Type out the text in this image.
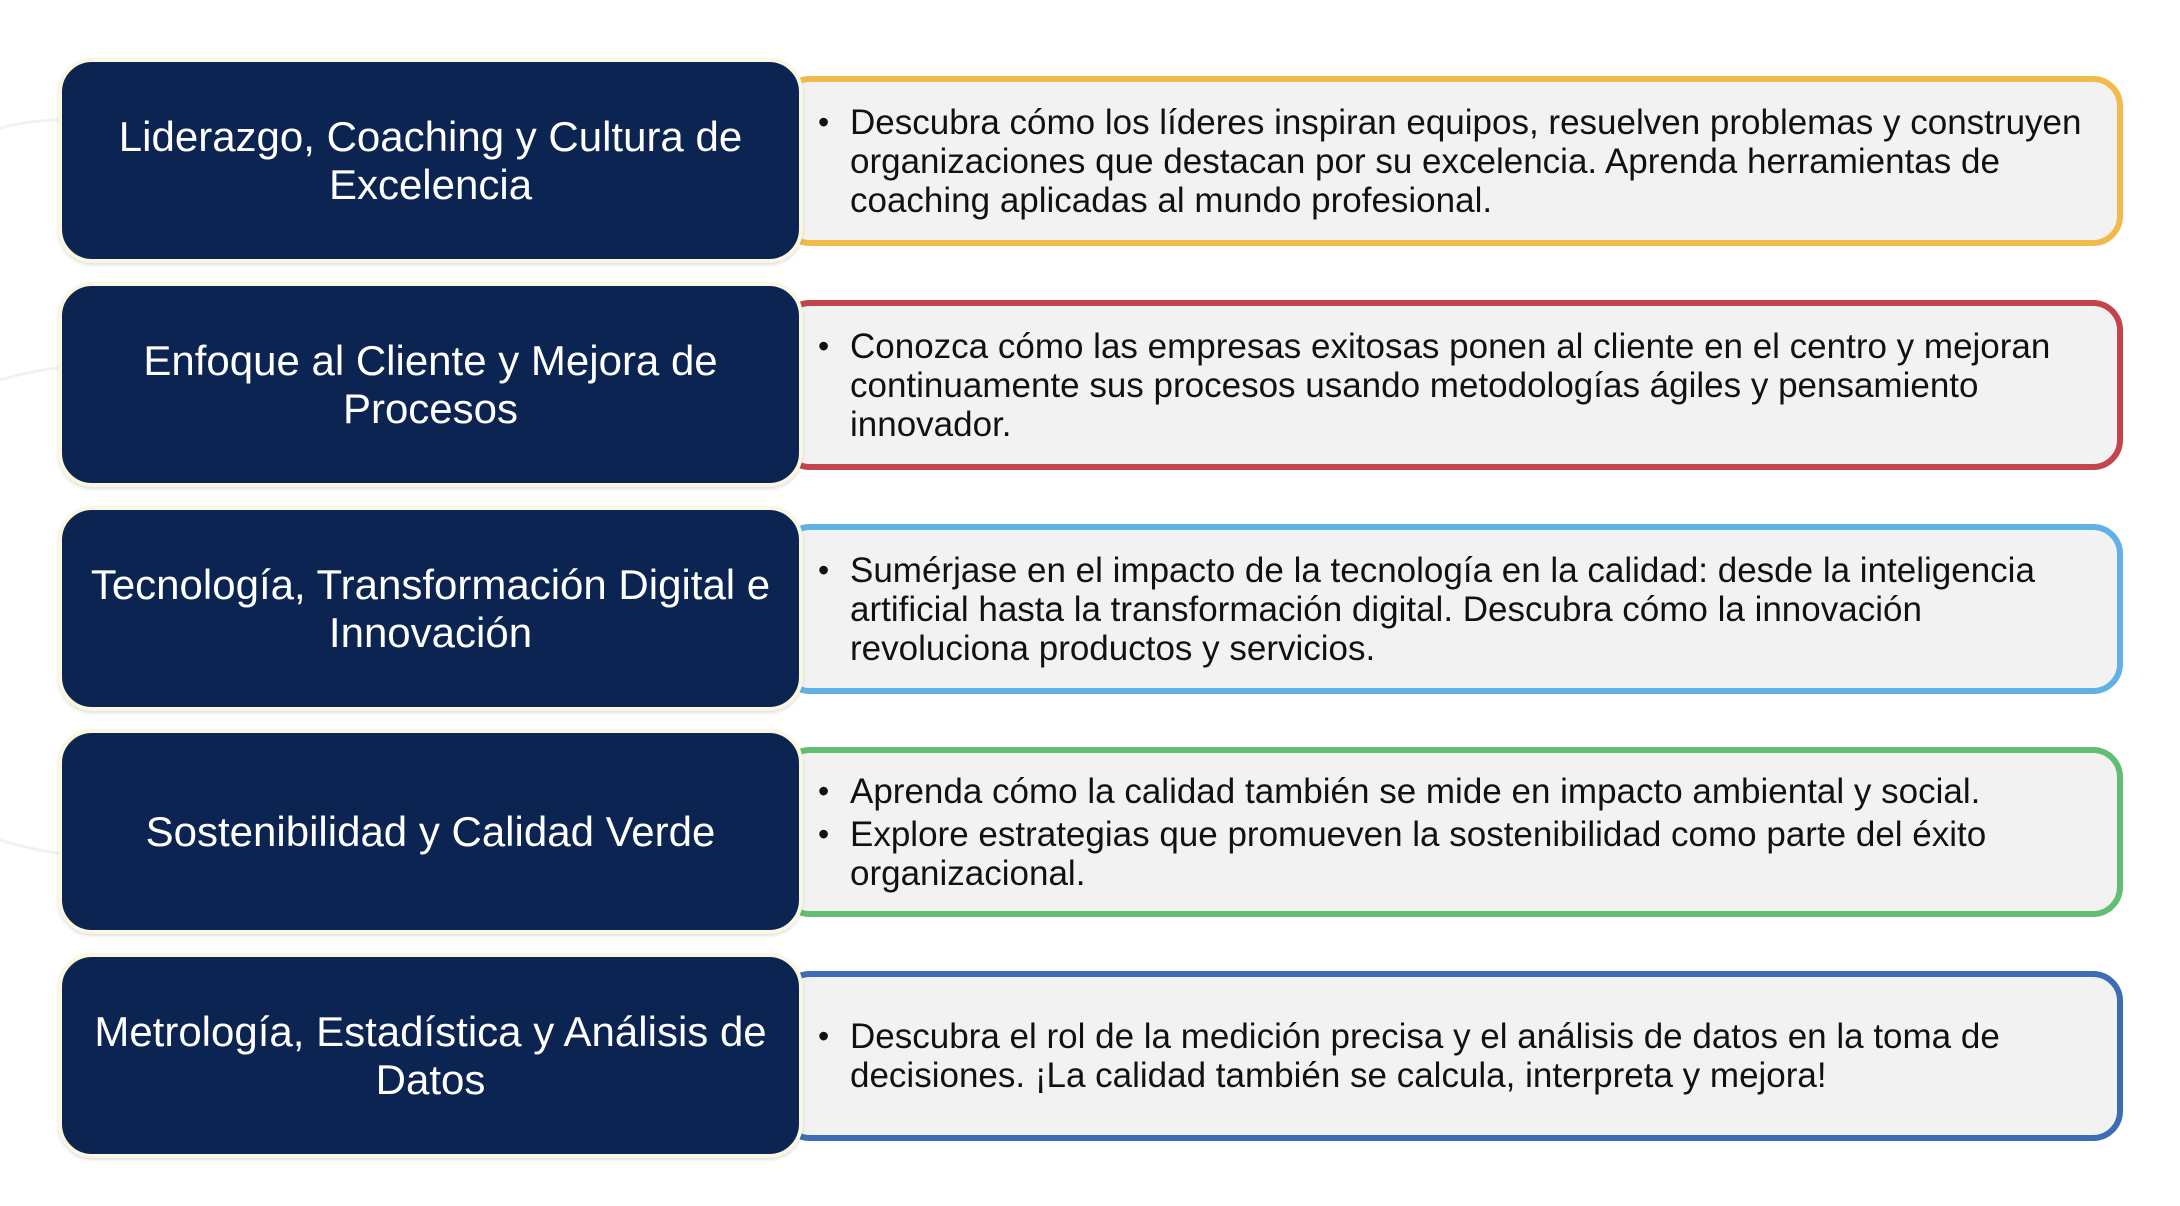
• Descubra cómo los líderes inspiran equipos, resuelven problemas y construyen organizaciones que destacan por su excelencia. Aprenda herramientas de coaching aplicadas al mundo profesional.

Liderazgo, Coaching y Cultura de Excelencia

• Conozca cómo las empresas exitosas ponen al cliente en el centro y mejoran continuamente sus procesos usando metodologías ágiles y pensamiento innovador.

Enfoque al Cliente y Mejora de Procesos

• Sumérjase en el impacto de la tecnología en la calidad: desde la inteligencia artificial hasta la transformación digital. Descubra cómo la innovación revoluciona productos y servicios.

Tecnología, Transformación Digital e Innovación

• Aprenda cómo la calidad también se mide en impacto ambiental y social.
• Explore estrategias que promueven la sostenibilidad como parte del éxito organizacional.

Sostenibilidad y Calidad Verde

• Descubra el rol de la medición precisa y el análisis de datos en la toma de decisiones. ¡La calidad también se calcula, interpreta y mejora!

Metrología, Estadística y Análisis de Datos
